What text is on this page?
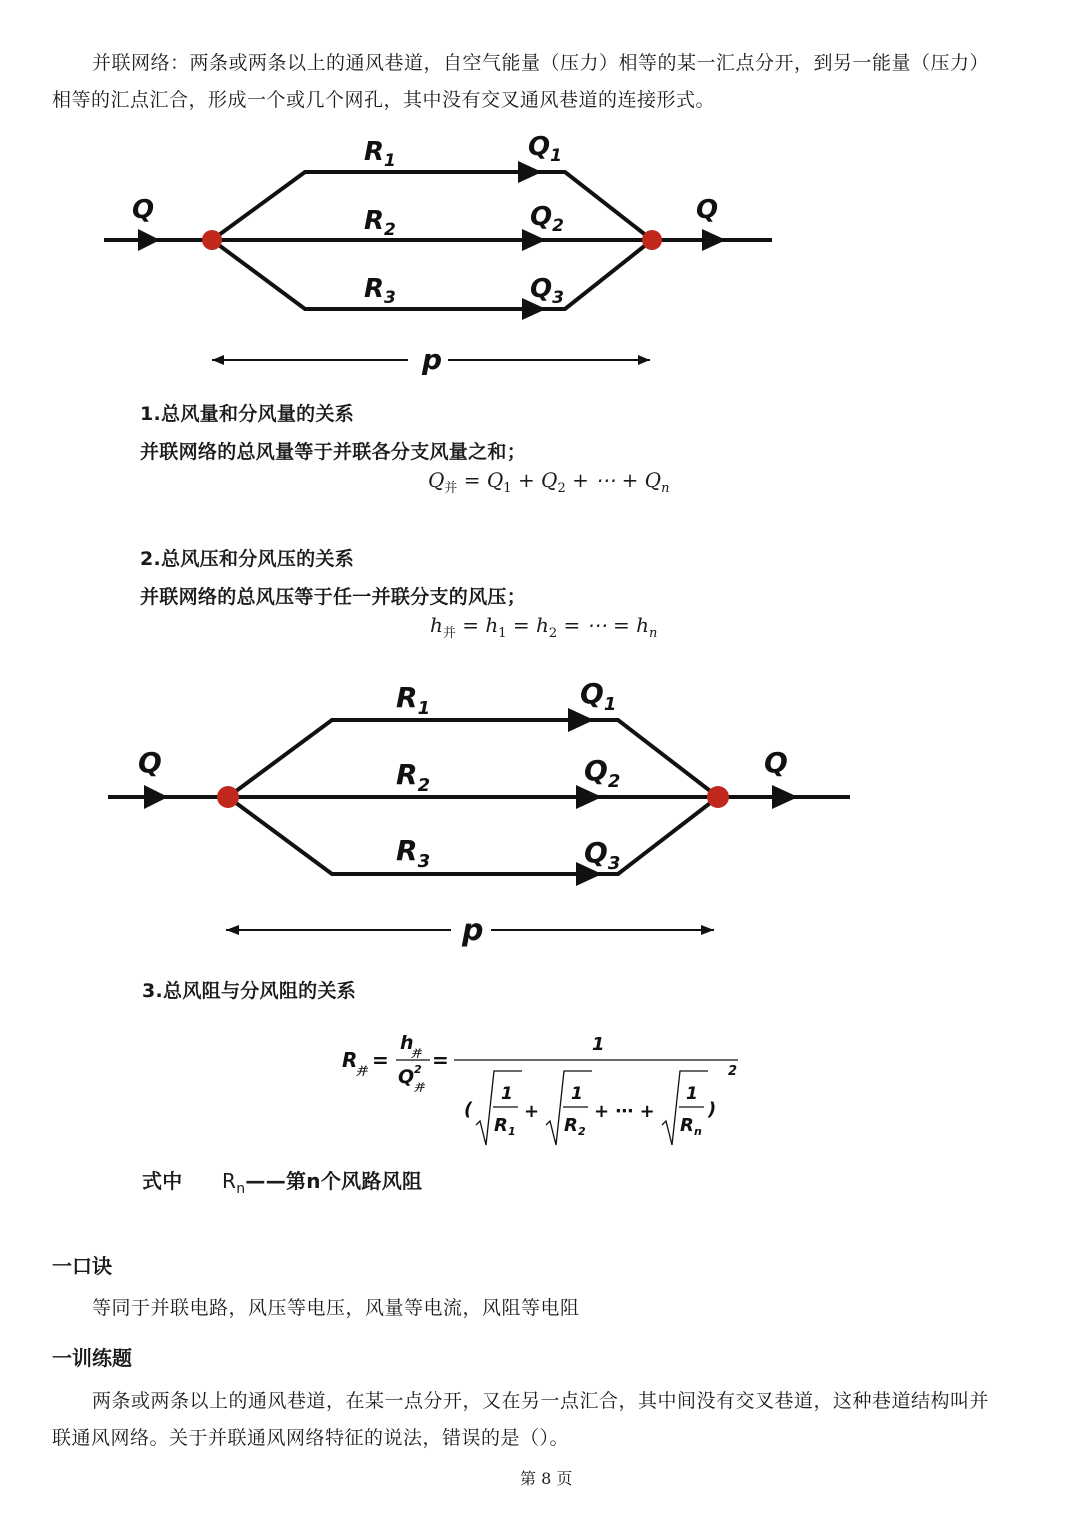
并联网络：两条或两条以上的通风巷道，自空气能量（压力）相等的某一汇点分开，到另一能量（压力）
相等的汇点汇合，形成一个或几个网孔，其中没有交叉通风巷道的连接形式。
Q	Q
$R_1$	$Q_1$
$R_2$	$Q_2$
$R_3$	$Q_3$
p
1.总风量和分风量的关系
并联网络的总风量等于并联各分支风量之和；
$Q_并 = Q_1 + Q_2$ + ⋯ + $Q_n$
2.总风压和分风压的关系
并联网络的总风压等于任一并联分支的风压；
$h_并 = h_1 = h_2$ = ⋯ = $h_n$
Q	Q
$R_1$	$Q_1$
$R_2$	$Q_2$
$R_3$	$Q_3$
p
3.总风阻与分风阻的关系
R
并 =
h
并
Q 2
并
=
1
2
(
1
R 1
+
1
R 2
+ ⋯ +
1
R n
)
式中 $R_n——$第n个风路风阻
一口诀
等同于并联电路，风压等电压，风量等电流，风阻等电阻
一训练题
两条或两条以上的通风巷道，在某一点分开，又在另一点汇合，其中间没有交叉巷道，这种巷道结构叫并
联通风网络。关于并联通风网络特征的说法，错误的是（）。
第 8 页
